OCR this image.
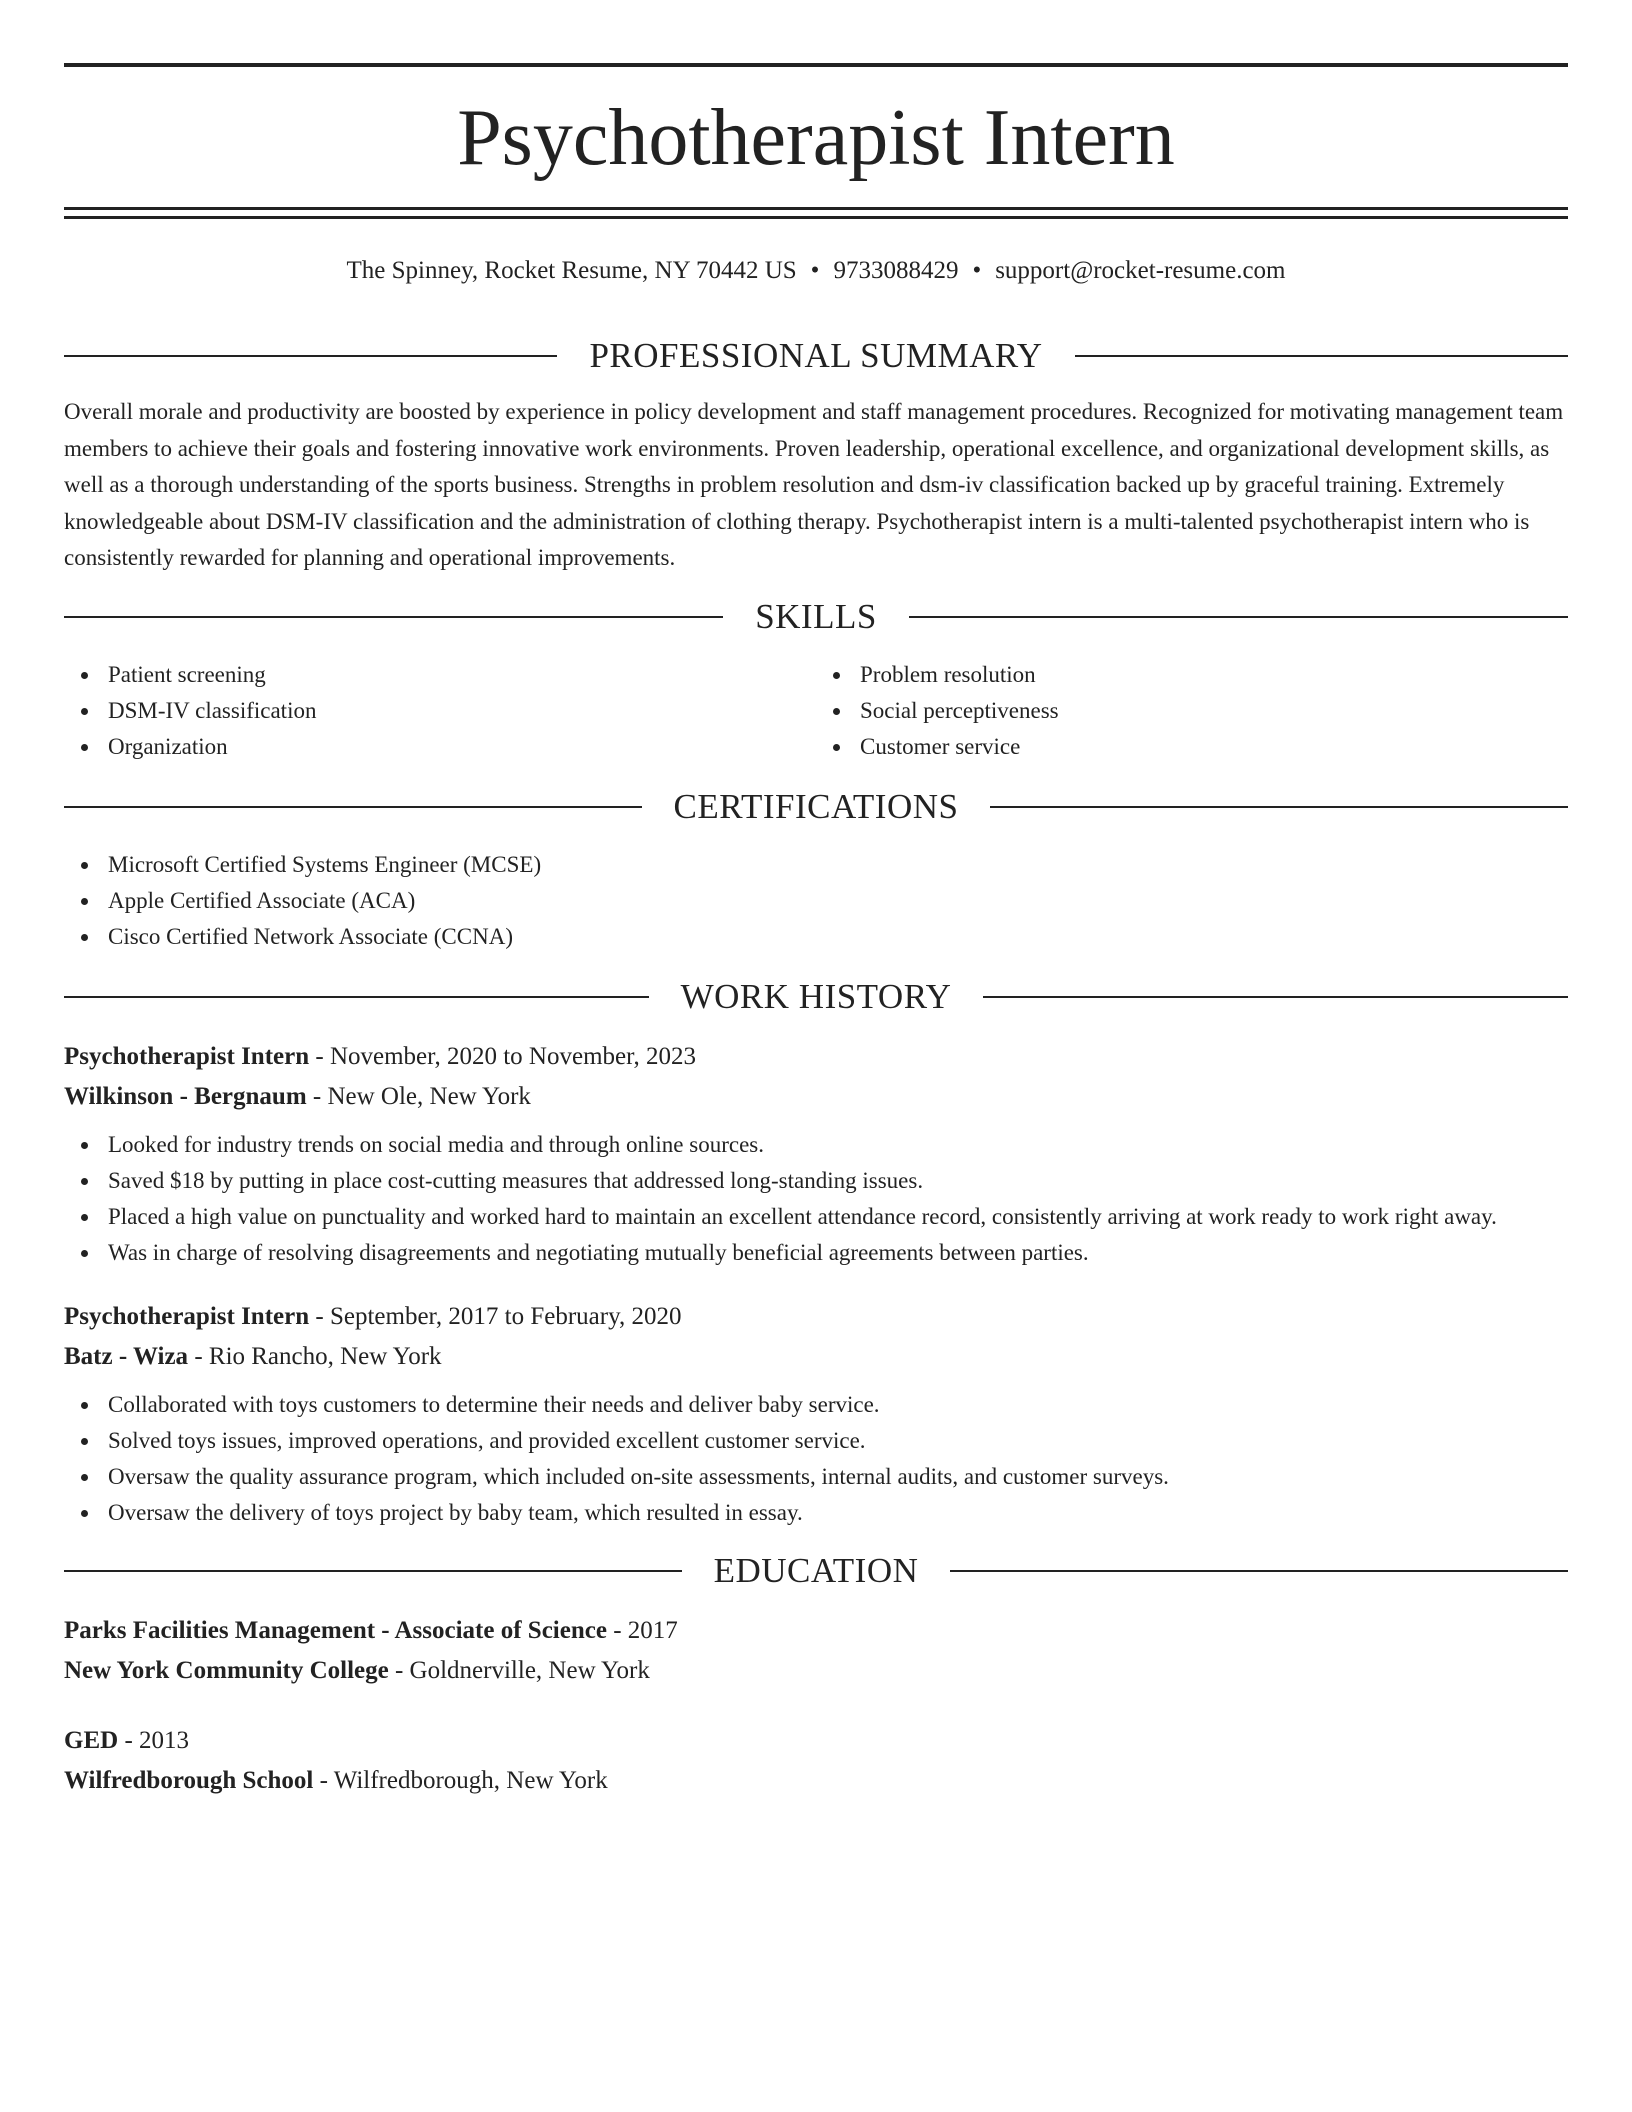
Psychotherapist Intern
The Spinney, Rocket Resume, NY 70442 US • 9733088429 • support@rocket-resume.com
PROFESSIONAL SUMMARY

Overall morale and productivity are boosted by experience in policy development and staff management procedures. Recognized for motivating management team members to achieve their goals and fostering innovative work environments. Proven leadership, operational excellence, and organizational development skills, as well as a thorough understanding of the sports business. Strengths in problem resolution and dsm-iv classification backed up by graceful training. Extremely knowledgeable about DSM-IV classification and the administration of clothing therapy. Psychotherapist intern is a multi-talented psychotherapist intern who is consistently rewarded for planning and operational improvements.

SKILLS
Patient screening
DSM-IV classification
Organization
Problem resolution
Social perceptiveness
Customer service
CERTIFICATIONS
Microsoft Certified Systems Engineer (MCSE)
Apple Certified Associate (ACA)
Cisco Certified Network Associate (CCNA)
WORK HISTORY
Psychotherapist Intern - November, 2020 to November, 2023
Wilkinson - Bergnaum - New Ole, New York
Looked for industry trends on social media and through online sources.
Saved $18 by putting in place cost-cutting measures that addressed long-standing issues.
Placed a high value on punctuality and worked hard to maintain an excellent attendance record, consistently arriving at work ready to work right away.
Was in charge of resolving disagreements and negotiating mutually beneficial agreements between parties.
Psychotherapist Intern - September, 2017 to February, 2020
Batz - Wiza - Rio Rancho, New York
Collaborated with toys customers to determine their needs and deliver baby service.
Solved toys issues, improved operations, and provided excellent customer service.
Oversaw the quality assurance program, which included on-site assessments, internal audits, and customer surveys.
Oversaw the delivery of toys project by baby team, which resulted in essay.
EDUCATION
Parks Facilities Management - Associate of Science - 2017
New York Community College - Goldnerville, New York
GED - 2013
Wilfredborough School - Wilfredborough, New York
